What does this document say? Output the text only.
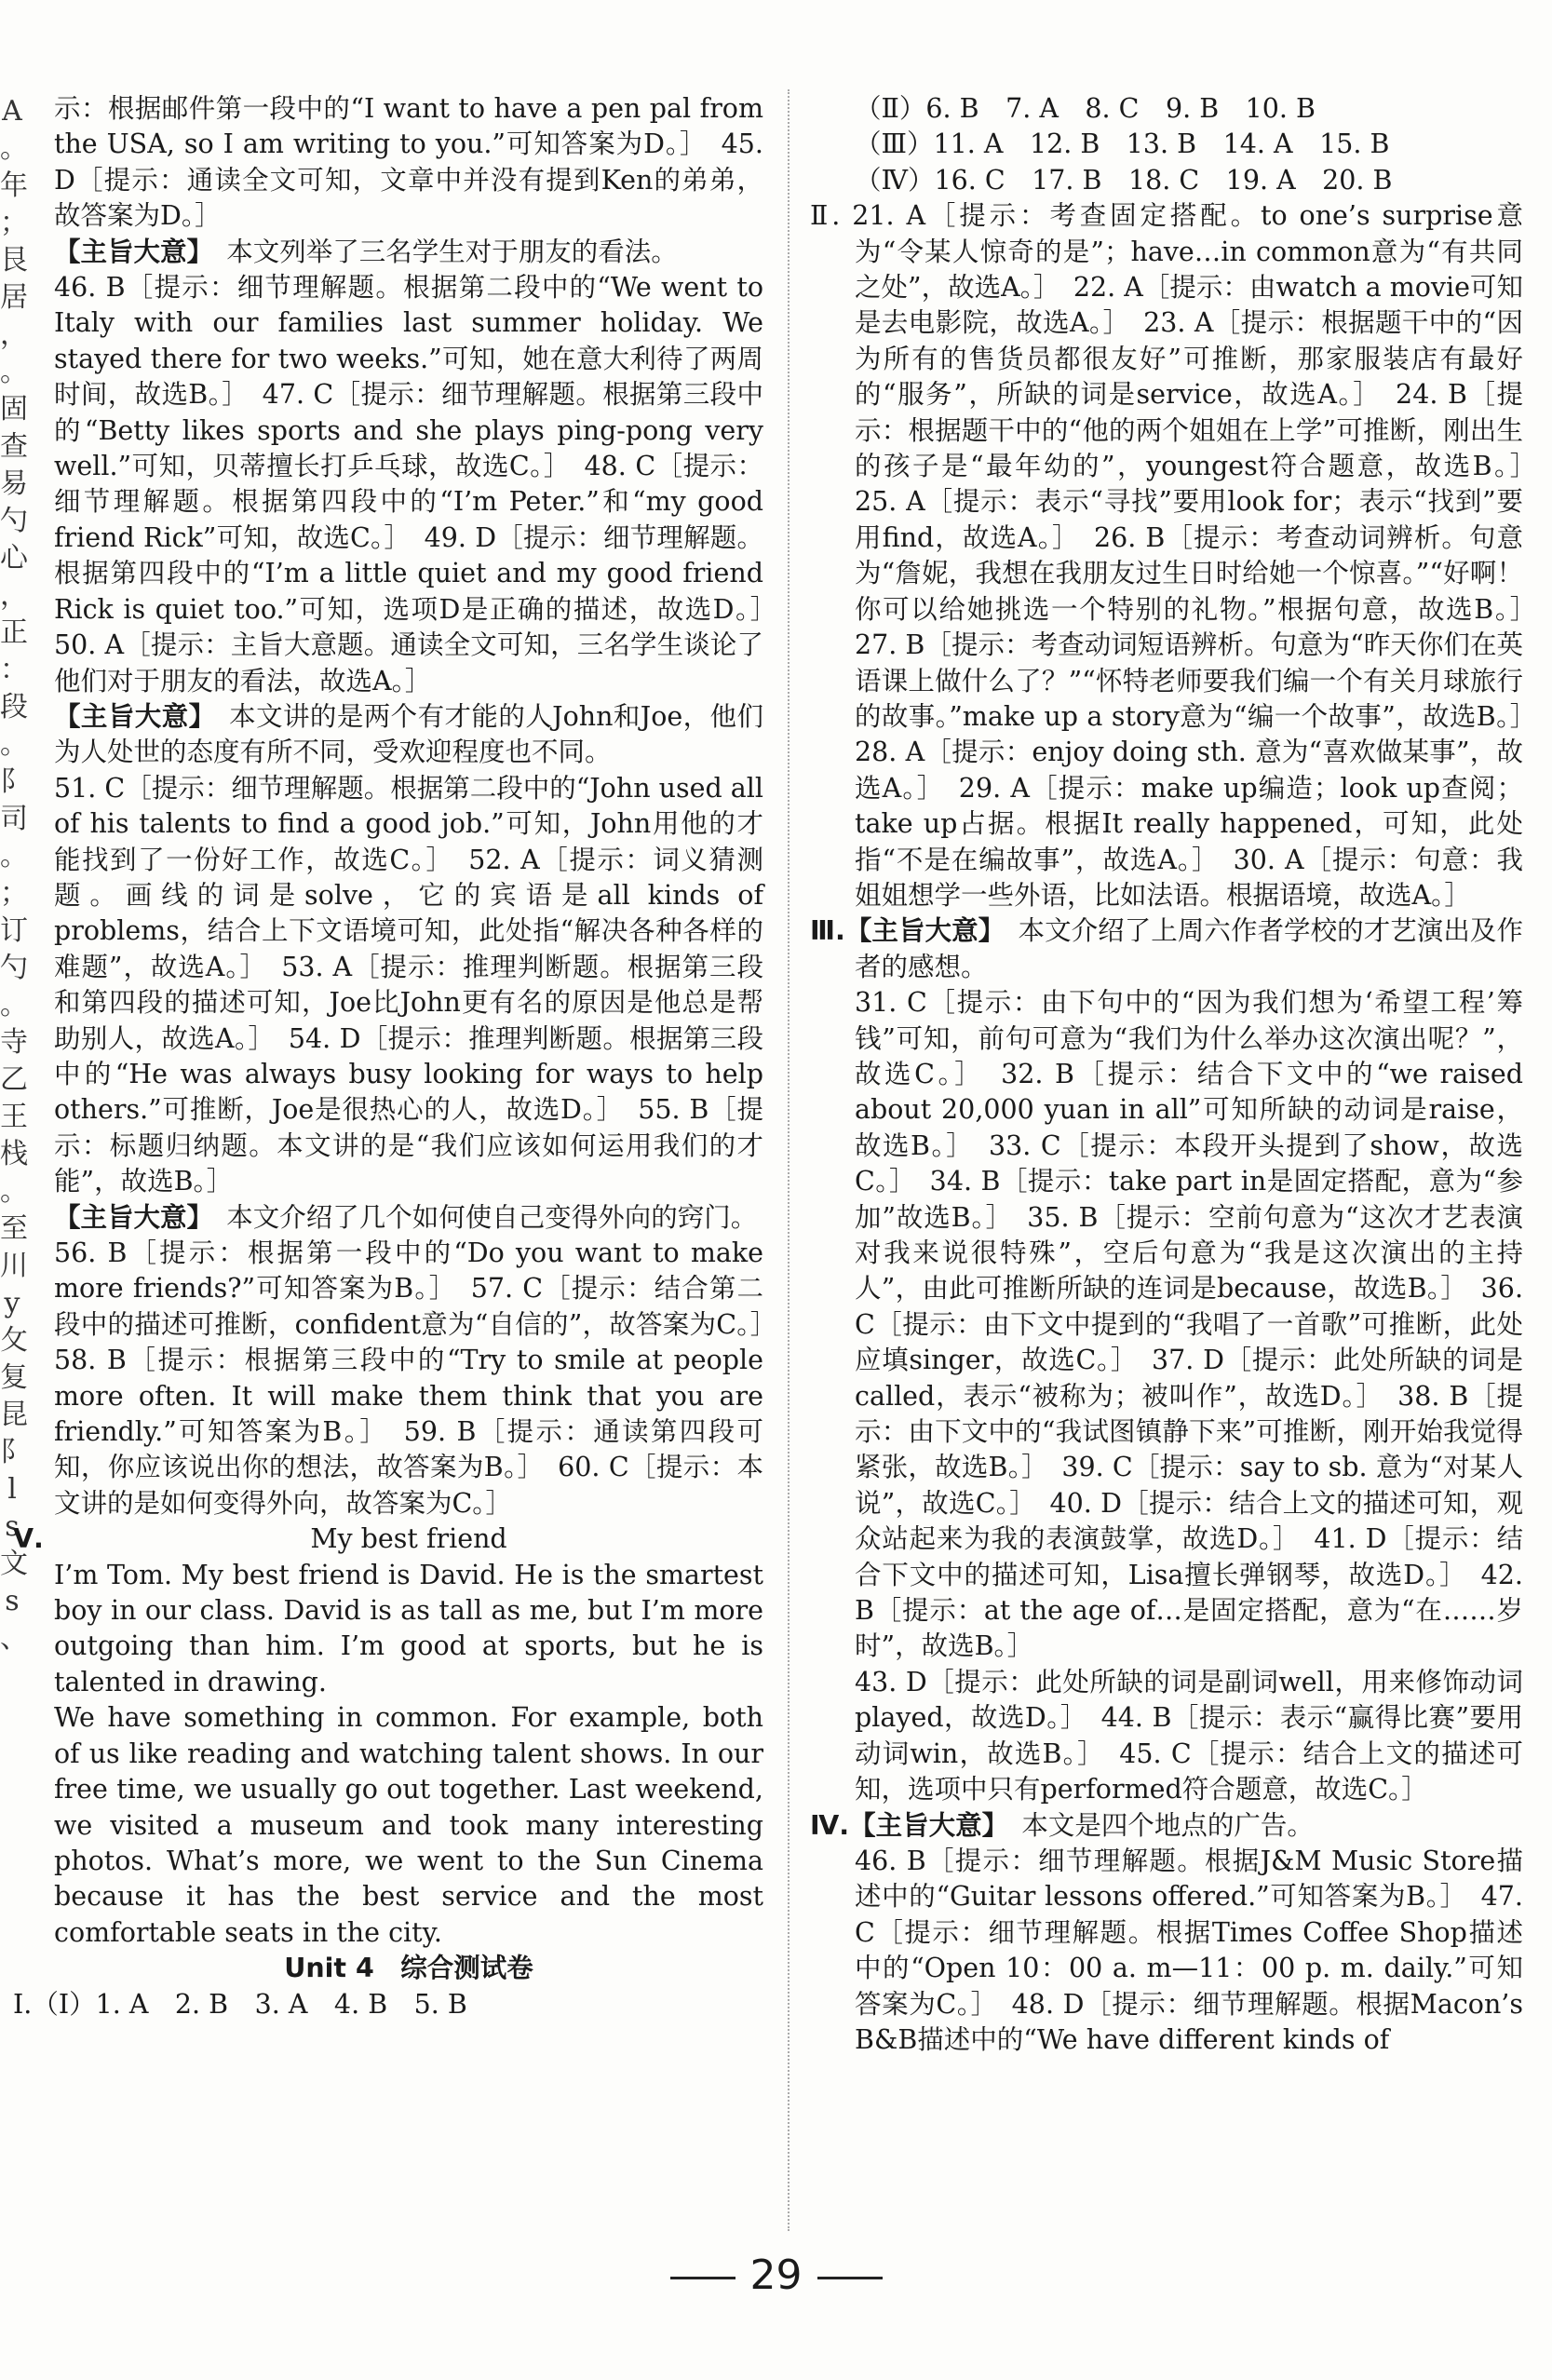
A
。
年
；
艮
居
，
。
固
查
易
勺
心
，
正
：
段
。
阝
司
。
；
订
勺
。
寺
乙
王
栈
。
至
川
y
攵
复
昆
阝
l
s
文
s
、

示：根据邮件第一段中的“I want to have a pen pal from the USA, so I am writing to you.”可知答案为D。］　45. D［提示：通读全文可知，文章中并没有提到Ken的弟弟，故答案为D。］

【主旨大意】　 本文列举了三名学生对于朋友的看法。

46. B［提示：细节理解题。根据第二段中的“We went to Italy with our families last summer holiday. We stayed there for two weeks.”可知，她在意大利待了两周时间，故选B。］　47. C［提示：细节理解题。根据第三段中的“Betty likes sports and she plays ping-pong very well.”可知，贝蒂擅长打乒乓球，故选C。］　48. C［提示：细节理解题。根据第四段中的“I’m Peter.”和“my good friend Rick”可知，故选C。］　49. D［提示：细节理解题。根据第四段中的“I’m a little quiet and my good friend Rick is quiet too.”可知，选项D是正确的描述，故选D。］　50. A［提示：主旨大意题。通读全文可知，三名学生谈论了他们对于朋友的看法，故选A。］

【主旨大意】　 本文讲的是两个有才能的人John和Joe，他们为人处世的态度有所不同，受欢迎程度也不同。

51. C［提示：细节理解题。根据第二段中的“John used all of his talents to find a good job.”可知，John用他的才能找到了一份好工作，故选C。］　52. A［提示：词义猜测题。画线的词是solve，它的宾语是all kinds of problems，结合上下文语境可知，此处指“解决各种各样的难题”，故选A。］　53. A［提示：推理判断题。根据第三段和第四段的描述可知，Joe比John更有名的原因是他总是帮助别人，故选A。］　54. D［提示：推理判断题。根据第三段中的“He was always busy looking for ways to help others.”可推断，Joe是很热心的人，故选D。］　55. B［提示：标题归纳题。本文讲的是“我们应该如何运用我们的才能”，故选B。］

【主旨大意】　 本文介绍了几个如何使自己变得外向的窍门。

56. B［提示：根据第一段中的“Do you want to make more friends?”可知答案为B。］　57. C［提示：结合第二段中的描述可推断，confident意为“自信的”，故答案为C。］　58. B［提示：根据第三段中的“Try to smile at people more often. It will make them think that you are friendly.”可知答案为B。］　59. B［提示：通读第四段可知，你应该说出你的想法，故答案为B。］　60. C［提示：本文讲的是如何变得外向，故答案为C。］

Ⅴ.	My best friend

I’m Tom. My best friend is David. He is the smartest boy in our class. David is as tall as me, but I’m more outgoing than him. I’m good at sports, but he is talented in drawing.

We have something in common. For example, both of us like reading and watching talent shows. In our free time, we usually go out together. Last weekend, we visited a museum and took many interesting photos. What’s more, we went to the Sun Cinema because it has the best service and the most comfortable seats in the city.

Unit 4　综合测试卷

Ⅰ.（Ⅰ）1. A　2. B　3. A　4. B　5. B

（Ⅱ）6. B　7. A　8. C　9. B　10. B

（Ⅲ）11. A　12. B　13. B　14. A　15. B

（Ⅳ）16. C　17. B　18. C　19. A　20. B

Ⅱ. 21. A［提示：考查固定搭配。to one’s surprise意为“令某人惊奇的是”；have…in common意为“有共同之处”，故选A。］　22. A［提示：由watch a movie可知是去电影院，故选A。］　23. A［提示：根据题干中的“因为所有的售货员都很友好”可推断，那家服装店有最好的“服务”，所缺的词是service，故选A。］　24. B［提示：根据题干中的“他的两个姐姐在上学”可推断，刚出生的孩子是“最年幼的”，youngest符合题意，故选B。］　25. A［提示：表示“寻找”要用look for；表示“找到”要用find，故选A。］　26. B［提示：考查动词辨析。句意为“詹妮，我想在我朋友过生日时给她一个惊喜。”“好啊！你可以给她挑选一个特别的礼物。”根据句意，故选B。］　27. B［提示：考查动词短语辨析。句意为“昨天你们在英语课上做什么了？”“怀特老师要我们编一个有关月球旅行的故事。”make up a story意为“编一个故事”，故选B。］　28. A［提示：enjoy doing sth. 意为“喜欢做某事”，故选A。］　29. A［提示：make up编造；look up查阅；take up占据。根据It really happened，可知，此处指“不是在编故事”，故选A。］　30. A［提示：句意：我姐姐想学一些外语，比如法语。根据语境，故选A。］

Ⅲ.【主旨大意】　 本文介绍了上周六作者学校的才艺演出及作者的感想。

31. C［提示：由下句中的“因为我们想为‘希望工程’筹钱”可知，前句可意为“我们为什么举办这次演出呢？”，故选C。］　32. B［提示：结合下文中的“we raised about 20,000 yuan in all”可知所缺的动词是raise，故选B。］　33. C［提示：本段开头提到了show，故选C。］　34. B［提示：take part in是固定搭配，意为“参加”故选B。］　35. B［提示：空前句意为“这次才艺表演对我来说很特殊”，空后句意为“我是这次演出的主持人”，由此可推断所缺的连词是because，故选B。］　36. C［提示：由下文中提到的“我唱了一首歌”可推断，此处应填singer，故选C。］　37. D［提示：此处所缺的词是called，表示“被称为；被叫作”，故选D。］　38. B［提示：由下文中的“我试图镇静下来”可推断，刚开始我觉得紧张，故选B。］　39. C［提示：say to sb. 意为“对某人说”，故选C。］　40. D［提示：结合上文的描述可知，观众站起来为我的表演鼓掌，故选D。］　41. D［提示：结合下文中的描述可知，Lisa擅长弹钢琴，故选D。］　42. B［提示：at the age of…是固定搭配，意为“在……岁时”，故选B。］

43. D［提示：此处所缺的词是副词well，用来修饰动词played，故选D。］　44. B［提示：表示“赢得比赛”要用动词win，故选B。］　45. C［提示：结合上文的描述可知，选项中只有performed符合题意，故选C。］

Ⅳ.【主旨大意】　 本文是四个地点的广告。

46. B［提示：细节理解题。根据J&M Music Store描述中的“Guitar lessons offered.”可知答案为B。］　47. C［提示：细节理解题。根据Times Coffee Shop描述中的“Open 10：00 a. m—11：00 p. m. daily.”可知答案为C。］　48. D［提示：细节理解题。根据Macon’s B&B描述中的“We have different kinds of

29
